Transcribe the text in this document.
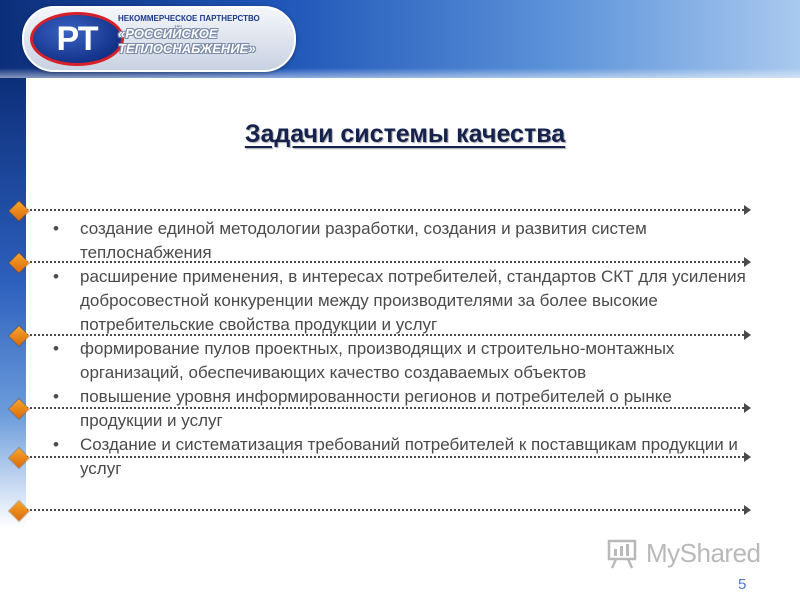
РТ
НЕКОММЕРЧЕСКОЕ ПАРТНЕРСТВО
«РОССИЙСКОЕ
ТЕПЛОСНАБЖЕНИЕ»
Задачи системы качества
• создание единой методологии разработки, создания и развития систем теплоснабжения
• расширение применения, в интересах потребителей, стандартов СКТ для усиления добросовестной конкуренции между производителями за более высокие потребительские свойства продукции и услуг
• формирование пулов проектных, производящих и строительно-монтажных организаций, обеспечивающих качество создаваемых объектов
• повышение уровня информированности регионов и потребителей о рынке продукции и услуг
• Создание и систематизация требований потребителей к поставщикам продукции и услуг
MyShared
5
